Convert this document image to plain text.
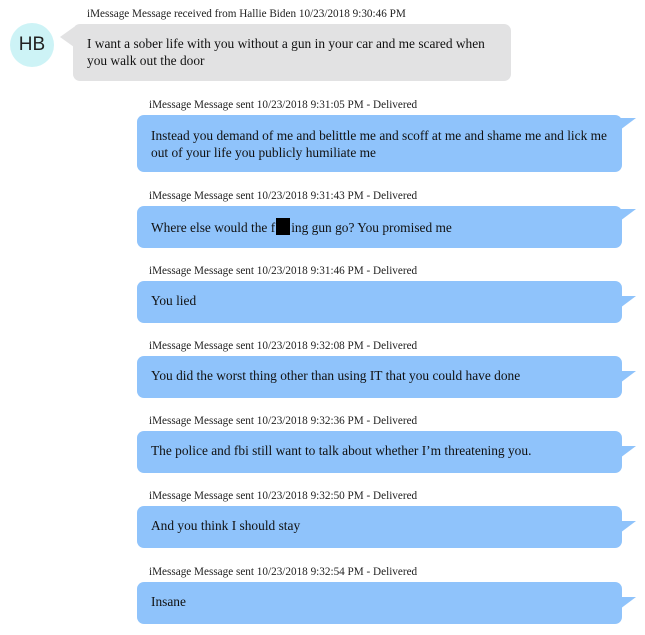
HB
iMessage Message received from Hallie Biden 10/23/2018 9:30:46 PM
I want a sober life with you without a gun in your car and me scared when you walk out the door
iMessage Message sent 10/23/2018 9:31:05 PM - Delivered
Instead you demand of me and belittle me and scoff at me and shame me and lick me out of your life you publicly humiliate me
iMessage Message sent 10/23/2018 9:31:43 PM - Delivered
Where else would the f ing gun go? You promised me
iMessage Message sent 10/23/2018 9:31:46 PM - Delivered
You lied
iMessage Message sent 10/23/2018 9:32:08 PM - Delivered
You did the worst thing other than using IT that you could have done
iMessage Message sent 10/23/2018 9:32:36 PM - Delivered
The police and fbi still want to talk about whether I’m threatening you.
iMessage Message sent 10/23/2018 9:32:50 PM - Delivered
And you think I should stay
iMessage Message sent 10/23/2018 9:32:54 PM - Delivered
Insane
